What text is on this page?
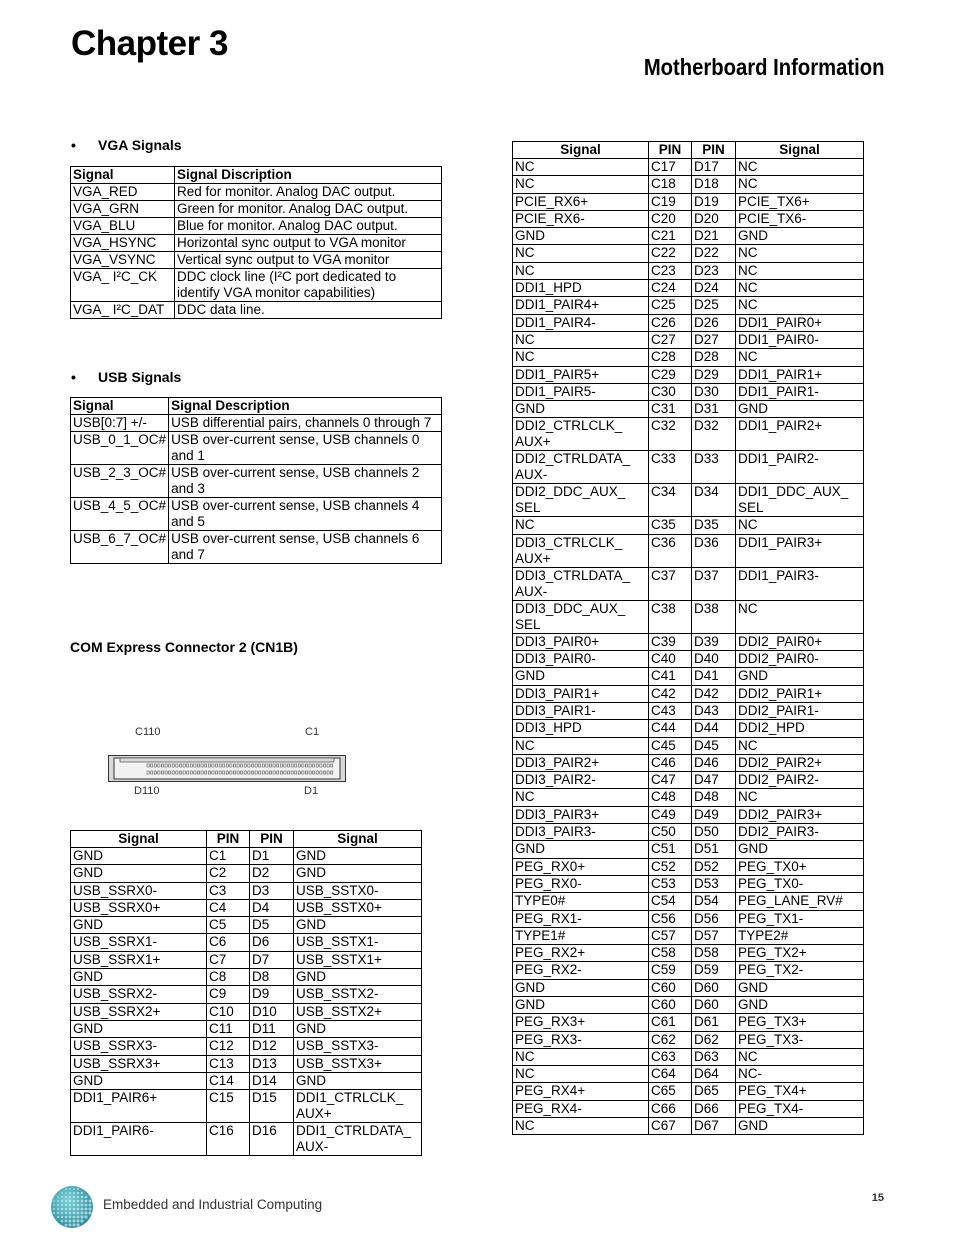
Chapter 3
Motherboard Information
• VGA Signals
Signal	Signal Discription
VGA_RED	Red for monitor. Analog DAC output.
VGA_GRN	Green for monitor. Analog DAC output.
VGA_BLU	Blue for monitor. Analog DAC output.
VGA_HSYNC	Horizontal sync output to VGA monitor
VGA_VSYNC	Vertical sync output to VGA monitor
VGA_ I²C_CK	DDC clock line (I²C port dedicated to identify VGA monitor capabilities)
VGA_ I²C_DAT	DDC data line.
• USB Signals
Signal	Signal Description
USB[0:7] +/-	USB differential pairs, channels 0 through 7
USB_0_1_OC#	USB over-current sense, USB channels 0 and 1
USB_2_3_OC#	USB over-current sense, USB channels 2 and 3
USB_4_5_OC#	USB over-current sense, USB channels 4 and 5
USB_6_7_OC#	USB over-current sense, USB channels 6 and 7
COM Express Connector 2 (CN1B)
C110	C1
D110	D1
Signal	PIN	PIN	Signal
GND	C1	D1	GND
GND	C2	D2	GND
USB_SSRX0-	C3	D3	USB_SSTX0-
USB_SSRX0+	C4	D4	USB_SSTX0+
GND	C5	D5	GND
USB_SSRX1-	C6	D6	USB_SSTX1-
USB_SSRX1+	C7	D7	USB_SSTX1+
GND	C8	D8	GND
USB_SSRX2-	C9	D9	USB_SSTX2-
USB_SSRX2+	C10	D10	USB_SSTX2+
GND	C11	D11	GND
USB_SSRX3-	C12	D12	USB_SSTX3-
USB_SSRX3+	C13	D13	USB_SSTX3+
GND	C14	D14	GND
DDI1_PAIR6+	C15	D15	DDI1_CTRLCLK_ AUX+
DDI1_PAIR6-	C16	D16	DDI1_CTRLDATA_ AUX-
Signal	PIN	PIN	Signal
NC	C17	D17	NC
NC	C18	D18	NC
PCIE_RX6+	C19	D19	PCIE_TX6+
PCIE_RX6-	C20	D20	PCIE_TX6-
GND	C21	D21	GND
NC	C22	D22	NC
NC	C23	D23	NC
DDI1_HPD	C24	D24	NC
DDI1_PAIR4+	C25	D25	NC
DDI1_PAIR4-	C26	D26	DDI1_PAIR0+
NC	C27	D27	DDI1_PAIR0-
NC	C28	D28	NC
DDI1_PAIR5+	C29	D29	DDI1_PAIR1+
DDI1_PAIR5-	C30	D30	DDI1_PAIR1-
GND	C31	D31	GND
DDI2_CTRLCLK_ AUX+	C32	D32	DDI1_PAIR2+
DDI2_CTRLDATA_ AUX-	C33	D33	DDI1_PAIR2-
DDI2_DDC_AUX_ SEL	C34	D34	DDI1_DDC_AUX_ SEL
NC	C35	D35	NC
DDI3_CTRLCLK_ AUX+	C36	D36	DDI1_PAIR3+
DDI3_CTRLDATA_ AUX-	C37	D37	DDI1_PAIR3-
DDI3_DDC_AUX_ SEL	C38	D38	NC
DDI3_PAIR0+	C39	D39	DDI2_PAIR0+
DDI3_PAIR0-	C40	D40	DDI2_PAIR0-
GND	C41	D41	GND
DDI3_PAIR1+	C42	D42	DDI2_PAIR1+
DDI3_PAIR1-	C43	D43	DDI2_PAIR1-
DDI3_HPD	C44	D44	DDI2_HPD
NC	C45	D45	NC
DDI3_PAIR2+	C46	D46	DDI2_PAIR2+
DDI3_PAIR2-	C47	D47	DDI2_PAIR2-
NC	C48	D48	NC
DDI3_PAIR3+	C49	D49	DDI2_PAIR3+
DDI3_PAIR3-	C50	D50	DDI2_PAIR3-
GND	C51	D51	GND
PEG_RX0+	C52	D52	PEG_TX0+
PEG_RX0-	C53	D53	PEG_TX0-
TYPE0#	C54	D54	PEG_LANE_RV#
PEG_RX1-	C56	D56	PEG_TX1-
TYPE1#	C57	D57	TYPE2#
PEG_RX2+	C58	D58	PEG_TX2+
PEG_RX2-	C59	D59	PEG_TX2-
GND	C60	D60	GND
GND	C60	D60	GND
PEG_RX3+	C61	D61	PEG_TX3+
PEG_RX3-	C62	D62	PEG_TX3-
NC	C63	D63	NC
NC	C64	D64	NC-
PEG_RX4+	C65	D65	PEG_TX4+
PEG_RX4-	C66	D66	PEG_TX4-
NC	C67	D67	GND
Embedded and Industrial Computing	15
